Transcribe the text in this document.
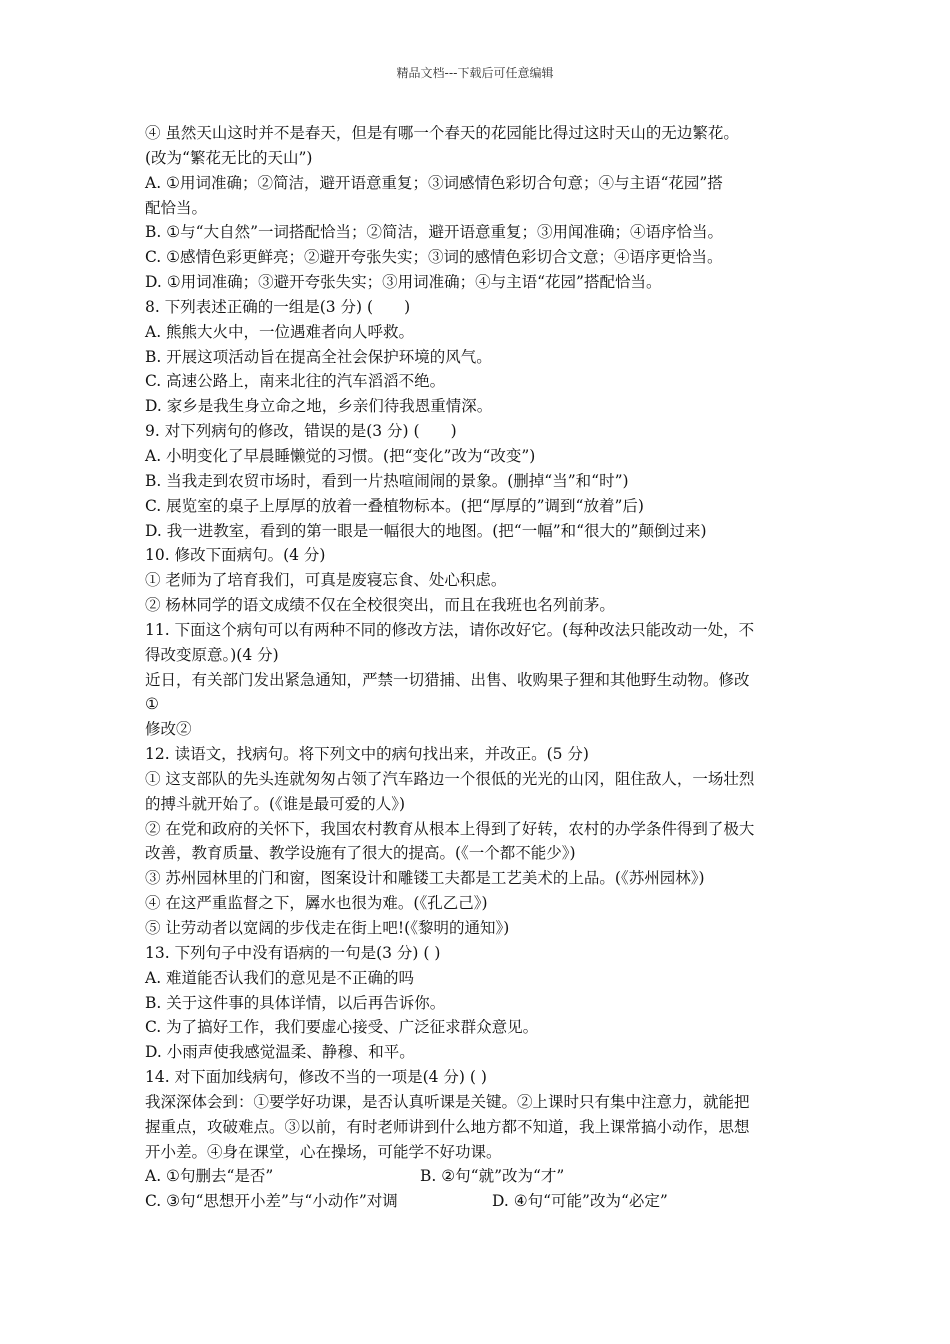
精品文档---下载后可任意编辑
④ 虽然天山这时并不是春天，但是有哪一个春天的花园能比得过这时天山的无边繁花。
(改为“繁花无比的天山”)
A. ①用词准确；②简洁，避开语意重复；③词感情色彩切合句意；④与主语“花园”搭
配恰当。
B. ①与“大自然”一词搭配恰当；②简洁，避开语意重复；③用闻准确；④语序恰当。
C. ①感情色彩更鲜亮；②避开夸张失实；③词的感情色彩切合文意；④语序更恰当。
D. ①用词准确；③避开夸张失实；③用词准确；④与主语“花园”搭配恰当。
8. 下列表述正确的一组是(3 分) (　　)
A. 熊熊大火中，一位遇难者向人呼救。
B. 开展这项活动旨在提高全社会保护环境的风气。
C. 高速公路上，南来北往的汽车滔滔不绝。
D. 家乡是我生身立命之地，乡亲们待我恩重情深。
9. 对下列病句的修改，错误的是(3 分) (　　)
A. 小明变化了早晨睡懒觉的习惯。(把“变化”改为“改变”)
B. 当我走到农贸市场时，看到一片热喧闹闹的景象。(删掉“当”和“时”)
C. 展览室的桌子上厚厚的放着一叠植物标本。(把“厚厚的”调到“放着”后)
D. 我一进教室，看到的第一眼是一幅很大的地图。(把“一幅”和“很大的”颠倒过来)
10. 修改下面病句。(4 分)
① 老师为了培育我们，可真是废寝忘食、处心积虑。
② 杨林同学的语文成绩不仅在全校很突出，而且在我班也名列前茅。
11. 下面这个病句可以有两种不同的修改方法，请你改好它。(每种改法只能改动一处，不
得改变原意。)(4 分)
近日，有关部门发出紧急通知，严禁一切猎捕、出售、收购果子狸和其他野生动物。修改
①
修改②
12. 读语文，找病句。将下列文中的病句找出来，并改正。(5 分)
① 这支部队的先头连就匆匆占领了汽车路边一个很低的光光的山冈，阻住敌人，一场壮烈
的搏斗就开始了。(《谁是最可爱的人》)
② 在党和政府的关怀下，我国农村教育从根本上得到了好转，农村的办学条件得到了极大
改善，教育质量、教学设施有了很大的提高。(《一个都不能少》)
③ 苏州园林里的门和窗，图案设计和雕镂工夫都是工艺美术的上品。(《苏州园林》)
④ 在这严重监督之下，羼水也很为难。(《孔乙己》)
⑤ 让劳动者以宽阔的步伐走在街上吧!(《黎明的通知》)
13. 下列句子中没有语病的一句是(3 分) ( )
A. 难道能否认我们的意见是不正确的吗
B. 关于这件事的具体详情，以后再告诉你。
C. 为了搞好工作，我们要虚心接受、广泛征求群众意见。
D. 小雨声使我感觉温柔、静穆、和平。
14. 对下面加线病句，修改不当的一项是(4 分) ( )
我深深体会到：①要学好功课，是否认真听课是关键。②上课时只有集中注意力，就能把
握重点，攻破难点。③以前，有时老师讲到什么地方都不知道，我上课常搞小动作，思想
开小差。④身在课堂，心在操场，可能学不好功课。
A. ①句删去“是否”	B. ②句“就”改为“才”
C. ③句“思想开小差”与“小动作”对调	D. ④句“可能”改为“必定”
